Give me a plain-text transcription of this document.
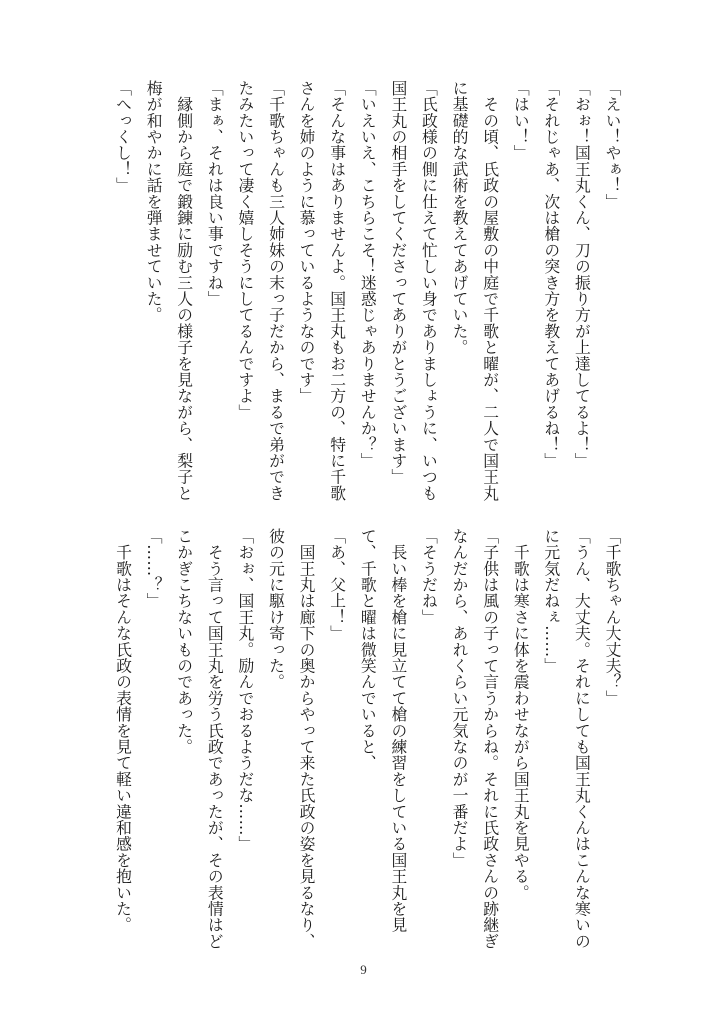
「えい！やぁ！」
「おぉ！国王丸くん、刀の振り方が上達してるよ！」
「それじゃあ、次は槍の突き方を教えてあげるね！」
「はい！」
　その頃、氏政の屋敷の中庭で千歌と曜が、二人で国王丸
に基礎的な武術を教えてあげていた。
「氏政様の側に仕えて忙しい身でありましょうに、いつも
国王丸の相手をしてくださってありがとうございます」
「いえいえ、こちらこそ！迷惑じゃありませんか？」
「そんな事はありませんよ。国王丸もお二方の、特に千歌
さんを姉のように慕っているようなのです」
「千歌ちゃんも三人姉妹の末っ子だから、まるで弟ができ
たみたいって凄く嬉しそうにしてるんですよ」
「まぁ、それは良い事ですね」
　縁側から庭で鍛錬に励む三人の様子を見ながら、梨子と
梅が和やかに話を弾ませていた。
「へっくし！」
「千歌ちゃん大丈夫？」
「うん、大丈夫。それにしても国王丸くんはこんな寒いの
に元気だねぇ……」
　千歌は寒さに体を震わせながら国王丸を見やる。
「子供は風の子って言うからね。それに氏政さんの跡継ぎ
なんだから、あれくらい元気なのが一番だよ」
「そうだね」
　長い棒を槍に見立てて槍の練習をしている国王丸を見
て、千歌と曜は微笑んでいると、
「あ、父上！」
　国王丸は廊下の奥からやって来た氏政の姿を見るなり、
彼の元に駆け寄った。
「おぉ、国王丸。励んでおるようだな……」
　そう言って国王丸を労う氏政であったが、その表情はど
こかぎこちないものであった。
「……？」
　千歌はそんな氏政の表情を見て軽い違和感を抱いた。
9
